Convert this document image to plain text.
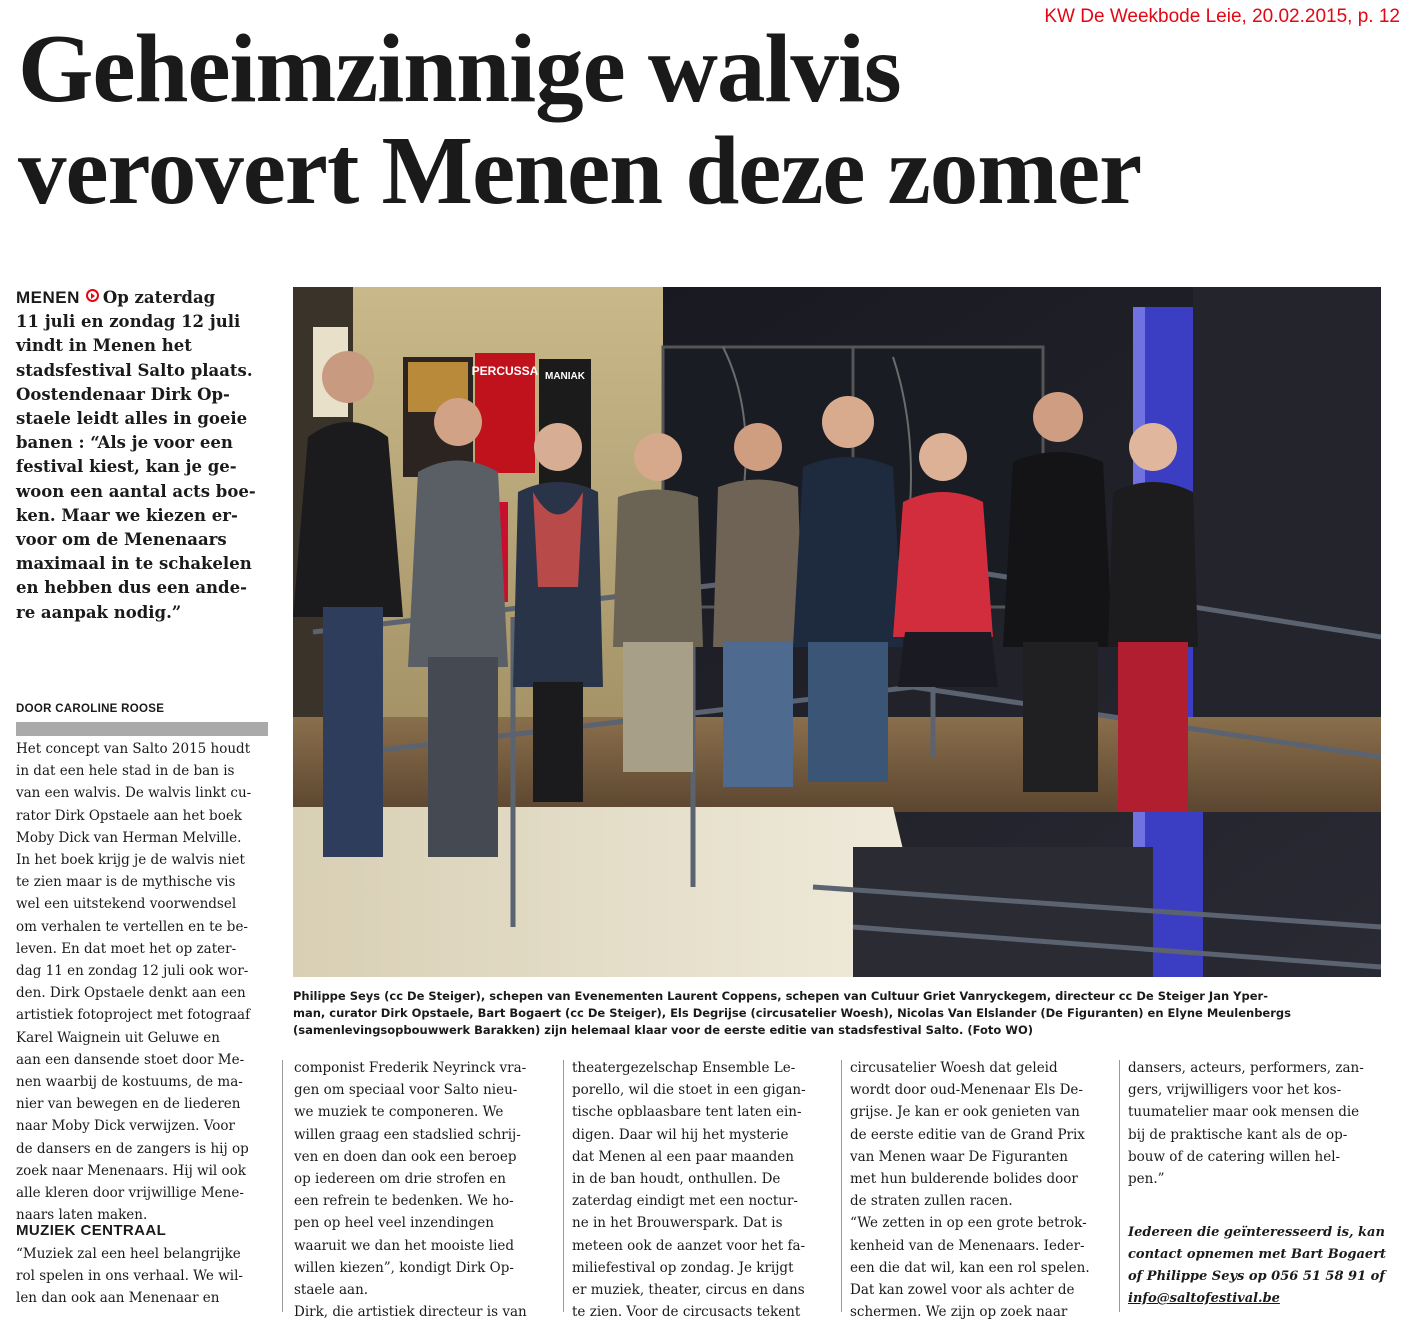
KW De Weekbode Leie, 20.02.2015, p. 12
Geheimzinnige walvis
verovert Menen deze zomer
MENEN Op zaterdag
11 juli en zondag 12 juli
vindt in Menen het
stadsfestival Salto plaats.
Oostendenaar Dirk Op-
staele leidt alles in goeie
banen : “Als je voor een
festival kiest, kan je ge-
woon een aantal acts boe-
ken. Maar we kiezen er-
voor om de Menenaars
maximaal in te schakelen
en hebben dus een ande-
re aanpak nodig.”
DOOR CAROLINE ROOSE
Het concept van Salto 2015 houdt
in dat een hele stad in de ban is
van een walvis. De walvis linkt cu-
rator Dirk Opstaele aan het boek
Moby Dick van Herman Melville.
In het boek krijg je de walvis niet
te zien maar is de mythische vis
wel een uitstekend voorwendsel
om verhalen te vertellen en te be-
leven. En dat moet het op zater-
dag 11 en zondag 12 juli ook wor-
den. Dirk Opstaele denkt aan een
artistiek fotoproject met fotograaf
Karel Waignein uit Geluwe en
aan een dansende stoet door Me-
nen waarbij de kostuums, de ma-
nier van bewegen en de liederen
naar Moby Dick verwijzen. Voor
de dansers en de zangers is hij op
zoek naar Menenaars. Hij wil ook
alle kleren door vrijwillige Mene-
naars laten maken.
MUZIEK CENTRAAL
“Muziek zal een heel belangrijke
rol spelen in ons verhaal. We wil-
len dan ook aan Menenaar en
componist Frederik Neyrinck vra-
gen om speciaal voor Salto nieu-
we muziek te componeren. We
willen graag een stadslied schrij-
ven en doen dan ook een beroep
op iedereen om drie strofen en
een refrein te bedenken. We ho-
pen op heel veel inzendingen
waaruit we dan het mooiste lied
willen kiezen”, kondigt Dirk Op-
staele aan.
Dirk, die artistiek directeur is van
theatergezelschap Ensemble Le-
porello, wil die stoet in een gigan-
tische opblaasbare tent laten ein-
digen. Daar wil hij het mysterie
dat Menen al een paar maanden
in de ban houdt, onthullen. De
zaterdag eindigt met een noctur-
ne in het Brouwerspark. Dat is
meteen ook de aanzet voor het fa-
miliefestival op zondag. Je krijgt
er muziek, theater, circus en dans
te zien. Voor de circusacts tekent
circusatelier Woesh dat geleid
wordt door oud-Menenaar Els De-
grijse. Je kan er ook genieten van
de eerste editie van de Grand Prix
van Menen waar De Figuranten
met hun bulderende bolides door
de straten zullen racen.
“We zetten in op een grote betrok-
kenheid van de Menenaars. Ieder-
een die dat wil, kan een rol spelen.
Dat kan zowel voor als achter de
schermen. We zijn op zoek naar
dansers, acteurs, performers, zan-
gers, vrijwilligers voor het kos-
tuumatelier maar ook mensen die
bij de praktische kant als de op-
bouw of de catering willen hel-
pen.”
Iedereen die geïnteresseerd is, kan
contact opnemen met Bart Bogaert
of Philippe Seys op 056 51 58 91 of
info@saltofestival.be
PERCUSSA MANIAK
Philippe Seys (cc De Steiger), schepen van Evenementen Laurent Coppens, schepen van Cultuur Griet Vanryckegem, directeur cc De Steiger Jan Yper-
man, curator Dirk Opstaele, Bart Bogaert (cc De Steiger), Els Degrijse (circusatelier Woesh), Nicolas Van Elslander (De Figuranten) en Elyne Meulenbergs
(samenlevingsopbouwwerk Barakken) zijn helemaal klaar voor de eerste editie van stadsfestival Salto. (Foto WO)
